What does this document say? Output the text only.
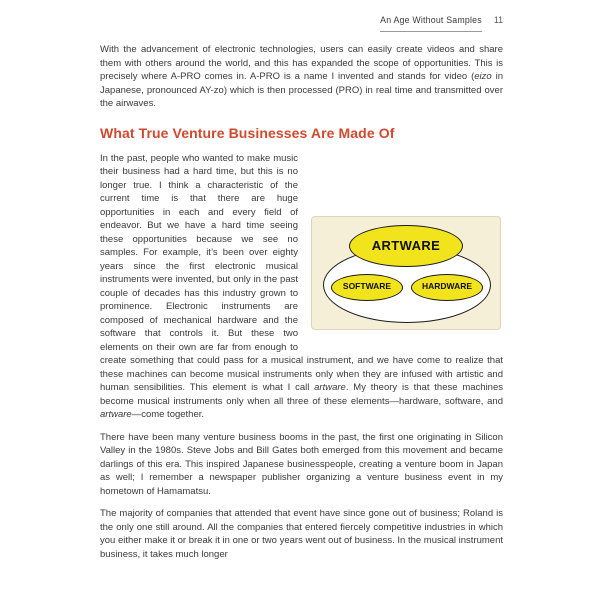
An Age Without Samples 11
With the advancement of electronic technologies, users can easily create videos and share them with others around the world, and this has expanded the scope of opportunities. This is precisely where A-PRO comes in. A-PRO is a name I invented and stands for video (eizo in Japanese, pronounced AY-zo) which is then processed (PRO) in real time and transmitted over the airwaves.
What True Venture Businesses Are Made Of
ARTWARE
SOFTWARE	HARDWARE
In the past, people who wanted to make music their business had a hard time, but this is no longer true. I think a characteristic of the current time is that there are huge opportunities in each and every field of endeavor. But we have a hard time seeing these opportunities because we see no samples. For example, it’s been over eighty years since the first electronic musical instruments were invented, but only in the past couple of decades has this industry grown to prominence. Electronic instruments are composed of mechanical hardware and the software that controls it. But these two elements on their own are far from enough to create something that could pass for a musical instrument, and we have come to realize that these machines can become musical instruments only when they are infused with artistic and human sensibilities. This element is what I call artware. My theory is that these machines become musical instruments only when all three of these elements—hardware, software, and artware—come together.
There have been many venture business booms in the past, the first one originating in Silicon Valley in the 1980s. Steve Jobs and Bill Gates both emerged from this movement and became darlings of this era. This inspired Japanese businesspeople, creating a venture boom in Japan as well; I remember a newspaper publisher organizing a venture business event in my hometown of Hamamatsu.
The majority of companies that attended that event have since gone out of business; Roland is the only one still around. All the companies that entered fiercely competitive industries in which you either make it or break it in one or two years went out of business. In the musical instrument business, it takes much longer
